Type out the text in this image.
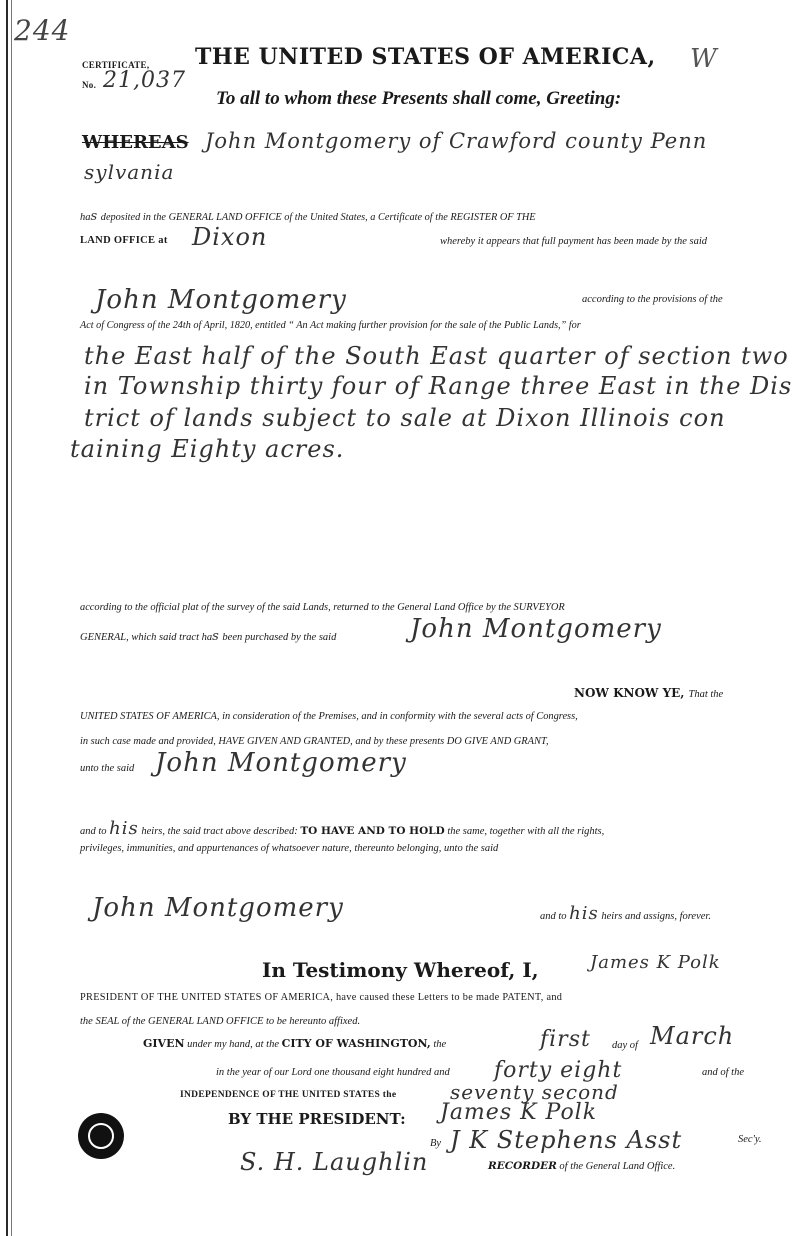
244
W
CERTIFICATE,
No. 21,037
THE UNITED STATES OF AMERICA,
To all to whom these Presents shall come, Greeting:
WHEREAS John Montgomery of Crawford county Penn
sylvania
has deposited in the GENERAL LAND OFFICE of the United States, a Certificate of the REGISTER OF THE
LAND OFFICE at Dixon	whereby it appears that full payment has been made by the said
John Montgomery	according to the provisions of the
Act of Congress of the 24th of April, 1820, entitled “ An Act making further provision for the sale of the Public Lands,” for
the East half of the South East quarter of section two
in Township thirty four of Range three East in the Dis
trict of lands subject to sale at Dixon Illinois con
taining Eighty acres.
according to the official plat of the survey of the said Lands, returned to the General Land Office by the SURVEYOR
GENERAL, which said tract has been purchased by the said	John Montgomery
NOW KNOW YE, That the
UNITED STATES OF AMERICA, in consideration of the Premises, and in conformity with the several acts of Congress,
in such case made and provided, HAVE GIVEN AND GRANTED, and by these presents DO GIVE AND GRANT,
unto the said John Montgomery
and to his heirs, the said tract above described: TO HAVE AND TO HOLD the same, together with all the rights,
privileges, immunities, and appurtenances of whatsoever nature, thereunto belonging, unto the said
John Montgomery	and to his heirs and assigns, forever.
In Testimony Whereof, I,	James K Polk
PRESIDENT OF THE UNITED STATES OF AMERICA, have caused these Letters to be made PATENT, and
the SEAL of the GENERAL LAND OFFICE to be hereunto affixed.
GIVEN under my hand, at the CITY OF WASHINGTON, the	first day of March
in the year of our Lord one thousand eight hundred and forty eight	and of the
INDEPENDENCE OF THE UNITED STATES the	seventy second
BY THE PRESIDENT: James K Polk
By J K Stephens Asst	Sec'y.
S. H. Laughlin	RECORDER of the General Land Office.
